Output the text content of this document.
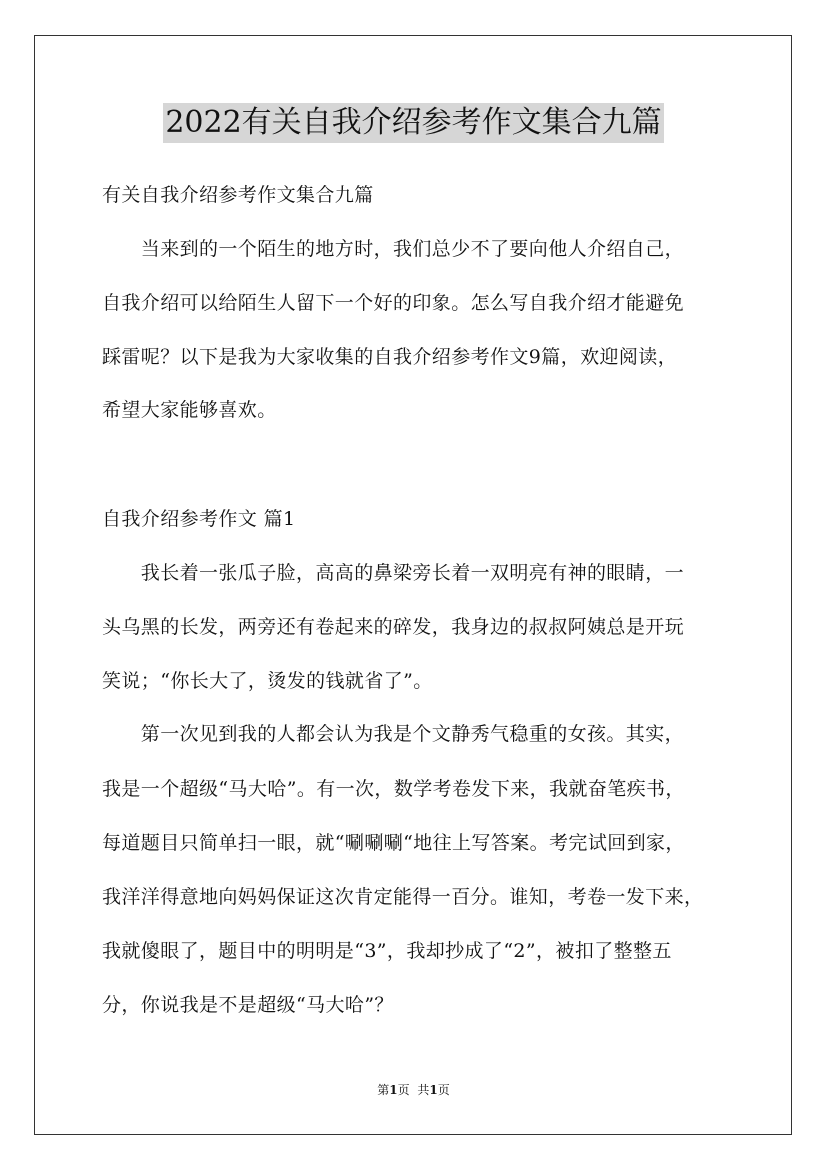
2022有关自我介绍参考作文集合九篇
有关自我介绍参考作文集合九篇
　　当来到的一个陌生的地方时，我们总少不了要向他人介绍自己，
自我介绍可以给陌生人留下一个好的印象。怎么写自我介绍才能避免
踩雷呢？以下是我为大家收集的自我介绍参考作文9篇，欢迎阅读，
希望大家能够喜欢。
自我介绍参考作文 篇1
　　我长着一张瓜子脸，高高的鼻梁旁长着一双明亮有神的眼睛，一
头乌黑的长发，两旁还有卷起来的碎发，我身边的叔叔阿姨总是开玩
笑说；“你长大了，烫发的钱就省了”。
　　第一次见到我的人都会认为我是个文静秀气稳重的女孩。其实，
我是一个超级“马大哈”。有一次，数学考卷发下来，我就奋笔疾书，
每道题目只简单扫一眼，就“唰唰唰“地往上写答案。考完试回到家，
我洋洋得意地向妈妈保证这次肯定能得一百分。谁知，考卷一发下来，
我就傻眼了，题目中的明明是“3”，我却抄成了“2”，被扣了整整五
分，你说我是不是超级“马大哈”？
第1页 共1页
